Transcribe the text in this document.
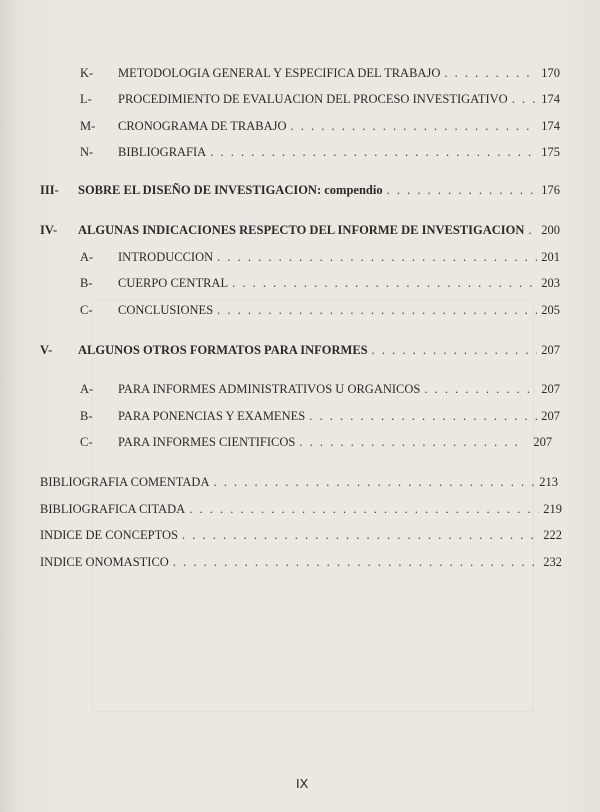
K-	METODOLOGIA GENERAL Y ESPECIFICA DEL TRABAJO . . .	170
L-	PROCEDIMIENTO DE EVALUACION DEL PROCESO INVESTIGATIVO . . .	174
M-	CRONOGRAMA DE TRABAJO . . .	174
N-	BIBLIOGRAFIA . . .	175
III-	SOBRE EL DISEÑO DE INVESTIGACION: compendio . . .	176
IV-	ALGUNAS INDICACIONES RESPECTO DEL INFORME DE INVESTIGACION . . .	200
A-	INTRODUCCION . . .	201
B-	CUERPO CENTRAL . . .	203
C-	CONCLUSIONES . . .	205
V-	ALGUNOS OTROS FORMATOS PARA INFORMES . . .	207
A-	PARA INFORMES ADMINISTRATIVOS U ORGANICOS . . .	207
B-	PARA PONENCIAS Y EXAMENES . . .	207
C-	PARA INFORMES CIENTIFICOS . . .	207
BIBLIOGRAFIA COMENTADA . . .	213
BIBLIOGRAFICA CITADA . . .	219
INDICE DE CONCEPTOS . . .	222
INDICE ONOMASTICO . . .	232
IX
